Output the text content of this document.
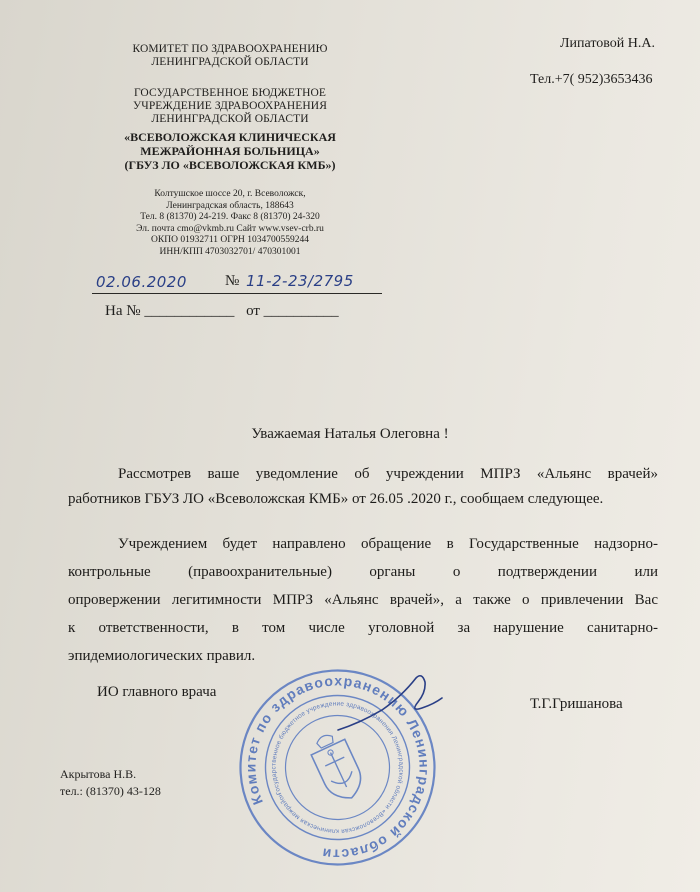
КОМИТЕТ ПО ЗДРАВООХРАНЕНИЮ
ЛЕНИНГРАДСКОЙ ОБЛАСТИ
ГОСУДАРСТВЕННОЕ БЮДЖЕТНОЕ
УЧРЕЖДЕНИЕ ЗДРАВООХРАНЕНИЯ
ЛЕНИНГРАДСКОЙ ОБЛАСТИ
«ВСЕВОЛОЖСКАЯ КЛИНИЧЕСКАЯ
МЕЖРАЙОННАЯ БОЛЬНИЦА»
(ГБУЗ ЛО «ВСЕВОЛОЖСКАЯ КМБ»)
Колтушское шоссе 20, г. Всеволожск,
Ленинградская область, 188643
Тел. 8 (81370) 24-219. Факс 8 (81370) 24-320
Эл. почта cmo@vkmb.ru Сайт www.vsev-crb.ru
ОКПО 01932711 ОГРН 1034700559244
ИНН/КПП 4703032701/ 470301001
Липатовой Н.А.
Тел.+7( 952)3653436
02.06.2020	№ 11-2-23/2795
На № ____________ от __________
Уважаемая Наталья Олеговна !
Рассмотрев ваше уведомление об учреждении МПРЗ «Альянс врачей»
работников ГБУЗ ЛО «Всеволожская КМБ» от 26.05 .2020 г., сообщаем следующее.
Учреждением будет направлено обращение в Государственные надзорно-
контрольные (правоохранительные) органы о подтверждении или
опровержении легитимности МПРЗ «Альянс врачей», а также о привлечении Вас
к ответственности, в том числе уголовной за нарушение санитарно-
эпидемиологических правил.
ИО главного врача
Т.Г.Гришанова
Комитет по здравоохранению Ленинградской области
Государственное бюджетное учреждение здравоохранения Ленинградской области «Всеволожская клиническая межрайонная
Акрытова Н.В.
тел.: (81370) 43-128
